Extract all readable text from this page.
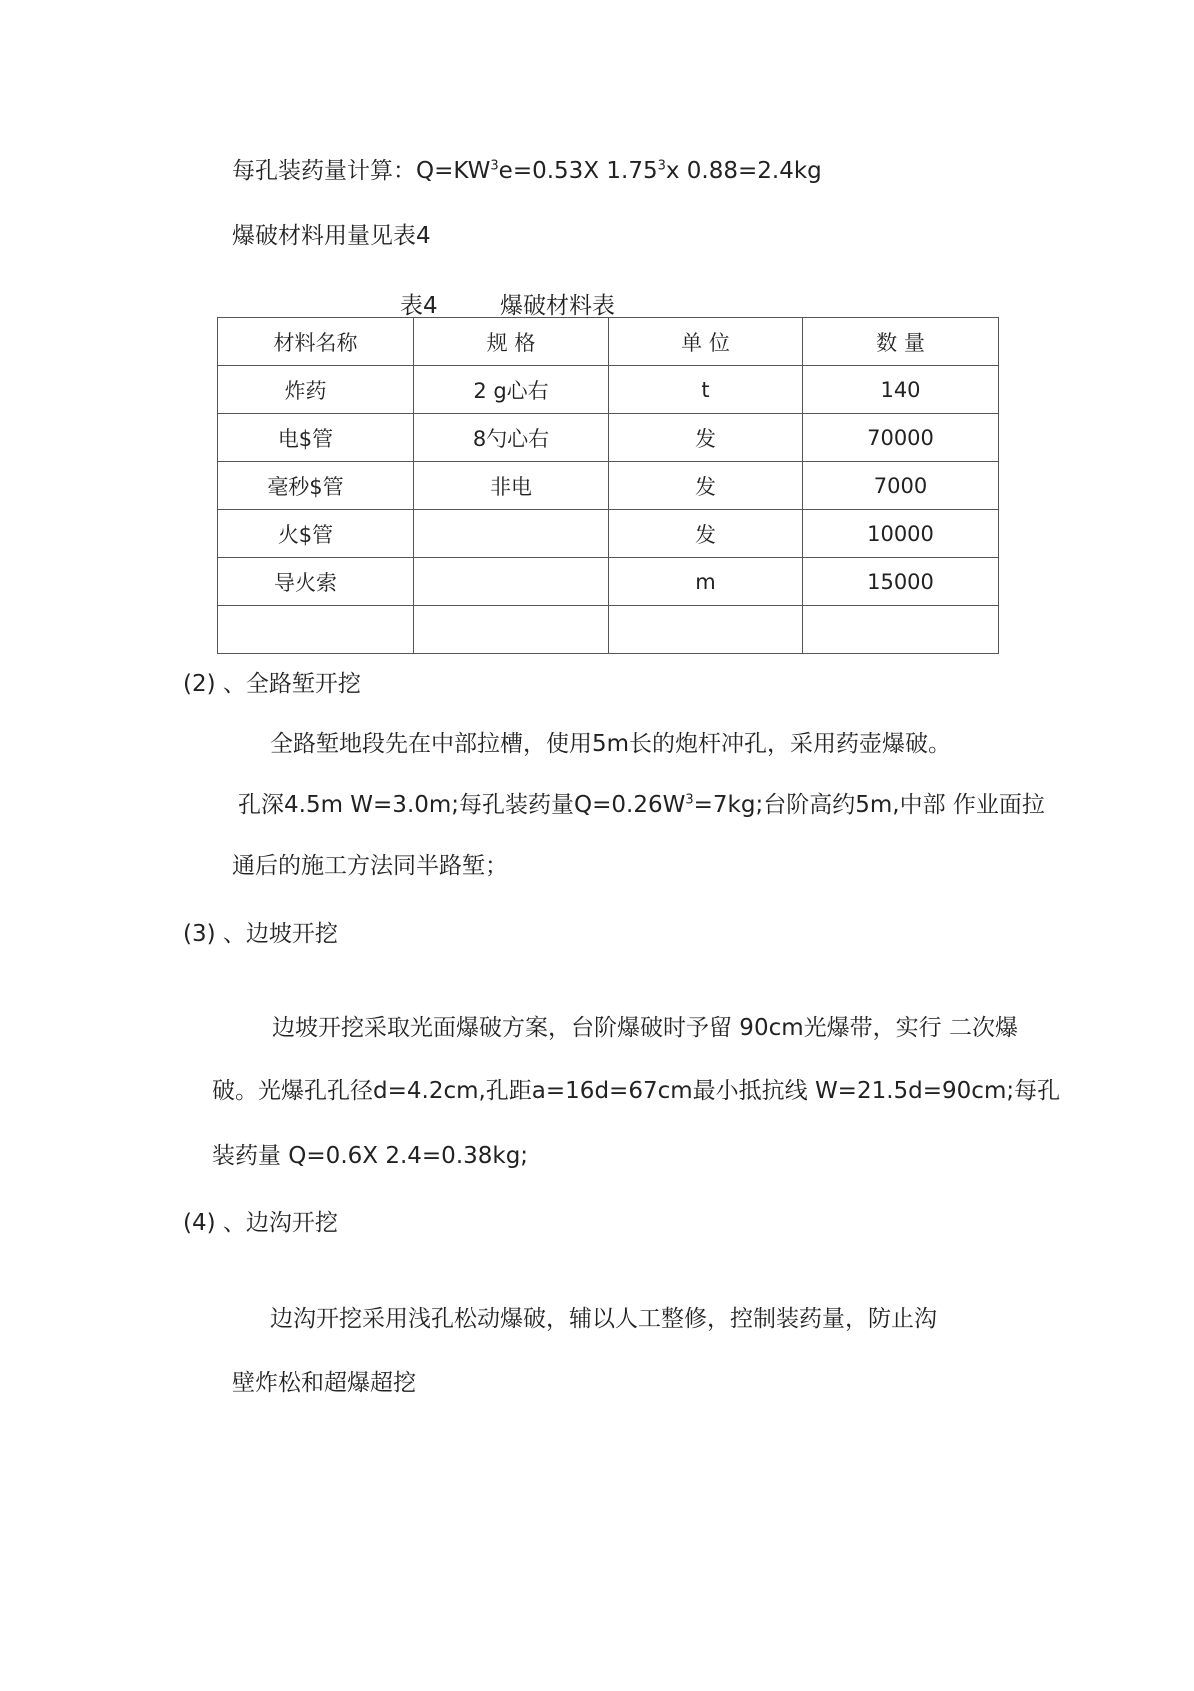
每孔装药量计算：$Q=KW^3e=0.53X$ 1.75$^3$x 0.88=2.4kg
爆破材料用量见表4
表4	爆破材料表
材料名称	规 格	单 位	数 量
炸药	2 g心右	t	140
电$管	8勺心右	发	70000
毫秒$管	非电	发	7000
火$管		发	10000
导火索		m	15000

(2) 、全路堑开挖
全路堑地段先在中部拉槽，使用5m长的炮杆冲孔，采用药壶爆破。
孔深4.5m W=3.0m;每孔装药量$Q=0.26W^3=7kg$;台阶高约5m,中部 作业面拉
通后的施工方法同半路堑；
(3) 、边坡开挖
边坡开挖采取光面爆破方案，台阶爆破时予留 90cm光爆带，实行 二次爆
破。光爆孔孔径d=4.2cm,孔距a=16d=67cm最小抵抗线 W=21.5d=90cm;每孔
装药量 Q=0.6X 2.4=0.38kg;
(4) 、边沟开挖
边沟开挖采用浅孔松动爆破，辅以人工整修，控制装药量，防止沟
壁炸松和超爆超挖
